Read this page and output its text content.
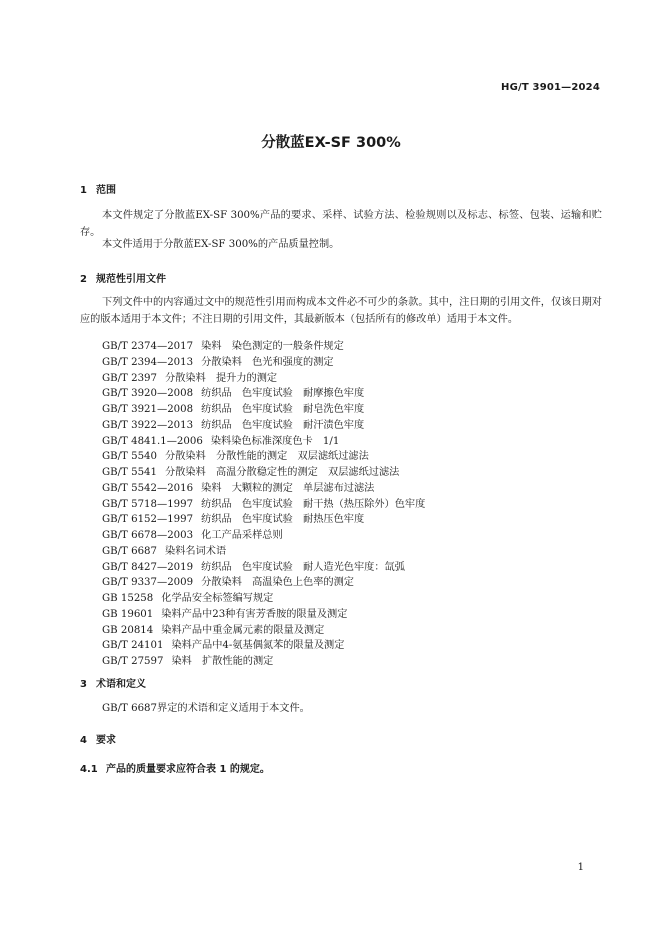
HG/T 3901—2024
分散蓝EX-SF 300%
1 范围
本文件规定了分散蓝EX-SF 300%产品的要求、采样、试验方法、检验规则以及标志、标签、包装、运输和贮存。
本文件适用于分散蓝EX-SF 300%的产品质量控制。
2 规范性引用文件
下列文件中的内容通过文中的规范性引用而构成本文件必不可少的条款。其中，注日期的引用文件，仅该日期对应的版本适用于本文件；不注日期的引用文件，其最新版本（包括所有的修改单）适用于本文件。
GB/T 2374—2017 染料　染色测定的一般条件规定
GB/T 2394—2013 分散染料　色光和强度的测定
GB/T 2397 分散染料　提升力的测定
GB/T 3920—2008 纺织品　色牢度试验　耐摩擦色牢度
GB/T 3921—2008 纺织品　色牢度试验　耐皂洗色牢度
GB/T 3922—2013 纺织品　色牢度试验　耐汗渍色牢度
GB/T 4841.1—2006 染料染色标准深度色卡　1/1
GB/T 5540 分散染料　分散性能的测定　双层滤纸过滤法
GB/T 5541 分散染料　高温分散稳定性的测定　双层滤纸过滤法
GB/T 5542—2016 染料　大颗粒的测定　单层滤布过滤法
GB/T 5718—1997 纺织品　色牢度试验　耐干热（热压除外）色牢度
GB/T 6152—1997 纺织品　色牢度试验　耐热压色牢度
GB/T 6678—2003 化工产品采样总则
GB/T 6687 染料名词术语
GB/T 8427—2019 纺织品　色牢度试验　耐人造光色牢度：氙弧
GB/T 9337—2009 分散染料　高温染色上色率的测定
GB 15258 化学品安全标签编写规定
GB 19601 染料产品中23种有害芳香胺的限量及测定
GB 20814 染料产品中重金属元素的限量及测定
GB/T 24101 染料产品中4-氨基偶氮苯的限量及测定
GB/T 27597 染料　扩散性能的测定
3 术语和定义
GB/T 6687界定的术语和定义适用于本文件。
4 要求
4.1 产品的质量要求应符合表 1 的规定。
1
